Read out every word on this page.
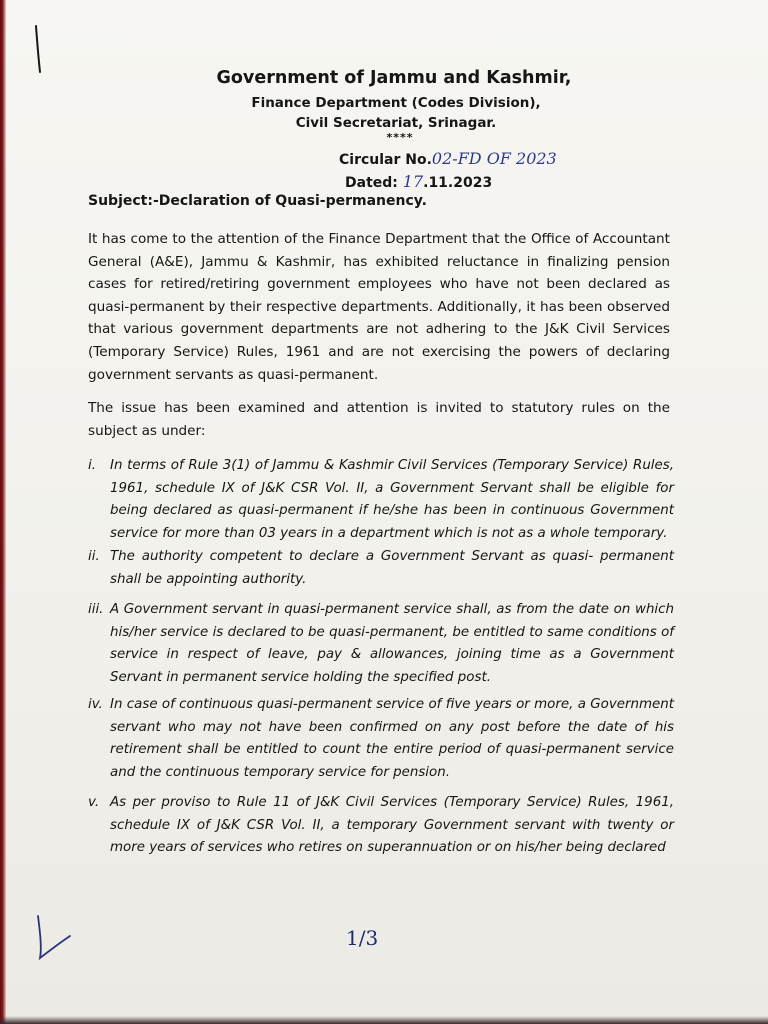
Government of Jammu and Kashmir,
Finance Department (Codes Division),
Civil Secretariat, Srinagar.
****
Circular No.02-FD OF 2023
Dated: 17.11.2023
Subject:-Declaration of Quasi-permanency.
It has come to the attention of the Finance Department that the Office of Accountant General (A&E), Jammu & Kashmir, has exhibited reluctance in finalizing pension cases for retired/retiring government employees who have not been declared as quasi-permanent by their respective departments. Additionally, it has been observed that various government departments are not adhering to the J&K Civil Services (Temporary Service) Rules, 1961 and are not exercising the powers of declaring government servants as quasi-permanent.
The issue has been examined and attention is invited to statutory rules on the subject as under:
i. In terms of Rule 3(1) of Jammu & Kashmir Civil Services (Temporary Service) Rules, 1961, schedule IX of J&K CSR Vol. II, a Government Servant shall be eligible for being declared as quasi-permanent if he/she has been in continuous Government service for more than 03 years in a department which is not as a whole temporary.
ii. The authority competent to declare a Government Servant as quasi- permanent shall be appointing authority.
iii. A Government servant in quasi-permanent service shall, as from the date on which his/her service is declared to be quasi-permanent, be entitled to same conditions of service in respect of leave, pay & allowances, joining time as a Government Servant in permanent service holding the specified post.
iv. In case of continuous quasi-permanent service of five years or more, a Government servant who may not have been confirmed on any post before the date of his retirement shall be entitled to count the entire period of quasi-permanent service and the continuous temporary service for pension.
v. As per proviso to Rule 11 of J&K Civil Services (Temporary Service) Rules, 1961, schedule IX of J&K CSR Vol. II, a temporary Government servant with twenty or more years of services who retires on superannuation or on his/her being declared
1/3
